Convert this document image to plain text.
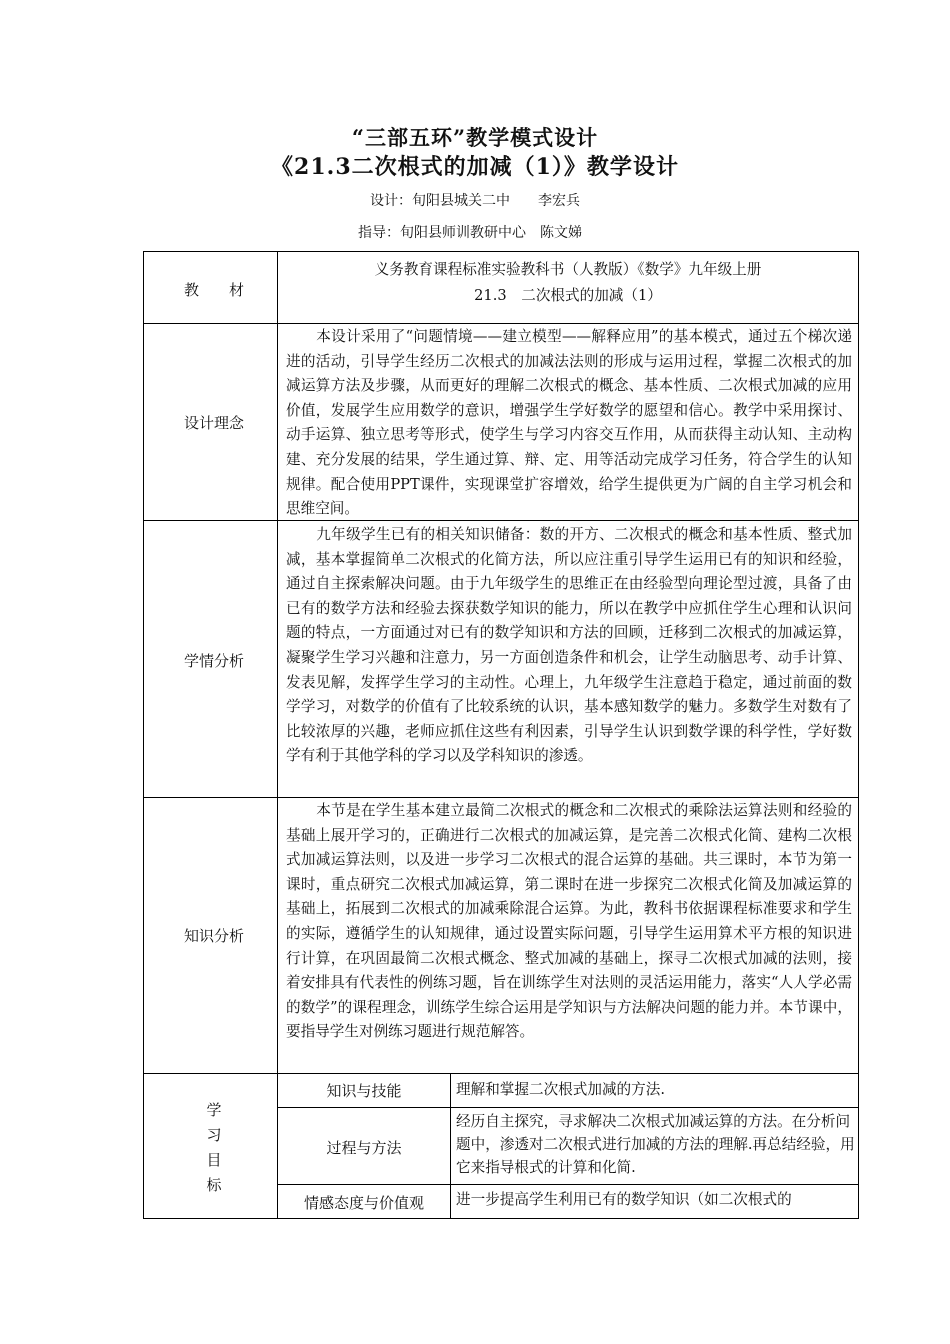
“三部五环”教学模式设计
《21.3二次根式的加减（1）》教学设计
设计：旬阳县城关二中　　李宏兵
指导：旬阳县师训教研中心　陈文娣
教　　材
义务教育课程标准实验教科书（人教版）《数学》九年级上册
21.3　二次根式的加减（1）
设计理念
本设计采用了“问题情境——建立模型——解释应用”的基本模式，通过五个梯次递进的活动，引导学生经历二次根式的加减法法则的形成与运用过程，掌握二次根式的加减运算方法及步骤，从而更好的理解二次根式的概念、基本性质、二次根式加减的应用价值，发展学生应用数学的意识，增强学生学好数学的愿望和信心。教学中采用探讨、动手运算、独立思考等形式，使学生与学习内容交互作用，从而获得主动认知、主动构建、充分发展的结果，学生通过算、辩、定、用等活动完成学习任务，符合学生的认知规律。配合使用PPT课件，实现课堂扩容增效，给学生提供更为广阔的自主学习机会和思维空间。
学情分析
九年级学生已有的相关知识储备：数的开方、二次根式的概念和基本性质、整式加减，基本掌握简单二次根式的化简方法，所以应注重引导学生运用已有的知识和经验，通过自主探索解决问题。由于九年级学生的思维正在由经验型向理论型过渡，具备了由已有的数学方法和经验去探获数学知识的能力，所以在教学中应抓住学生心理和认识问题的特点，一方面通过对已有的数学知识和方法的回顾，迁移到二次根式的加减运算，凝聚学生学习兴趣和注意力，另一方面创造条件和机会，让学生动脑思考、动手计算、发表见解，发挥学生学习的主动性。心理上，九年级学生注意趋于稳定，通过前面的数学学习，对数学的价值有了比较系统的认识，基本感知数学的魅力。多数学生对数有了比较浓厚的兴趣，老师应抓住这些有利因素，引导学生认识到数学课的科学性，学好数学有利于其他学科的学习以及学科知识的渗透。
知识分析
本节是在学生基本建立最简二次根式的概念和二次根式的乘除法运算法则和经验的基础上展开学习的，正确进行二次根式的加减运算，是完善二次根式化简、建构二次根式加减运算法则，以及进一步学习二次根式的混合运算的基础。共三课时，本节为第一课时，重点研究二次根式加减运算，第二课时在进一步探究二次根式化简及加减运算的基础上，拓展到二次根式的加减乘除混合运算。为此，教科书依据课程标准要求和学生的实际，遵循学生的认知规律，通过设置实际问题，引导学生运用算术平方根的知识进行计算，在巩固最简二次根式概念、整式加减的基础上，探寻二次根式加减的法则，接着安排具有代表性的例练习题，旨在训练学生对法则的灵活运用能力，落实“人人学必需的数学”的课程理念，训练学生综合运用是学知识与方法解决问题的能力并。本节课中，要指导学生对例练习题进行规范解答。
学
习
目
标
知识与技能	理解和掌握二次根式加减的方法.
过程与方法
经历自主探究，寻求解决二次根式加减运算的方法。在分析问题中，渗透对二次根式进行加减的方法的理解.再总结经验，用它来指导根式的计算和化简.
情感态度与价值观	进一步提高学生利用已有的数学知识（如二次根式的
